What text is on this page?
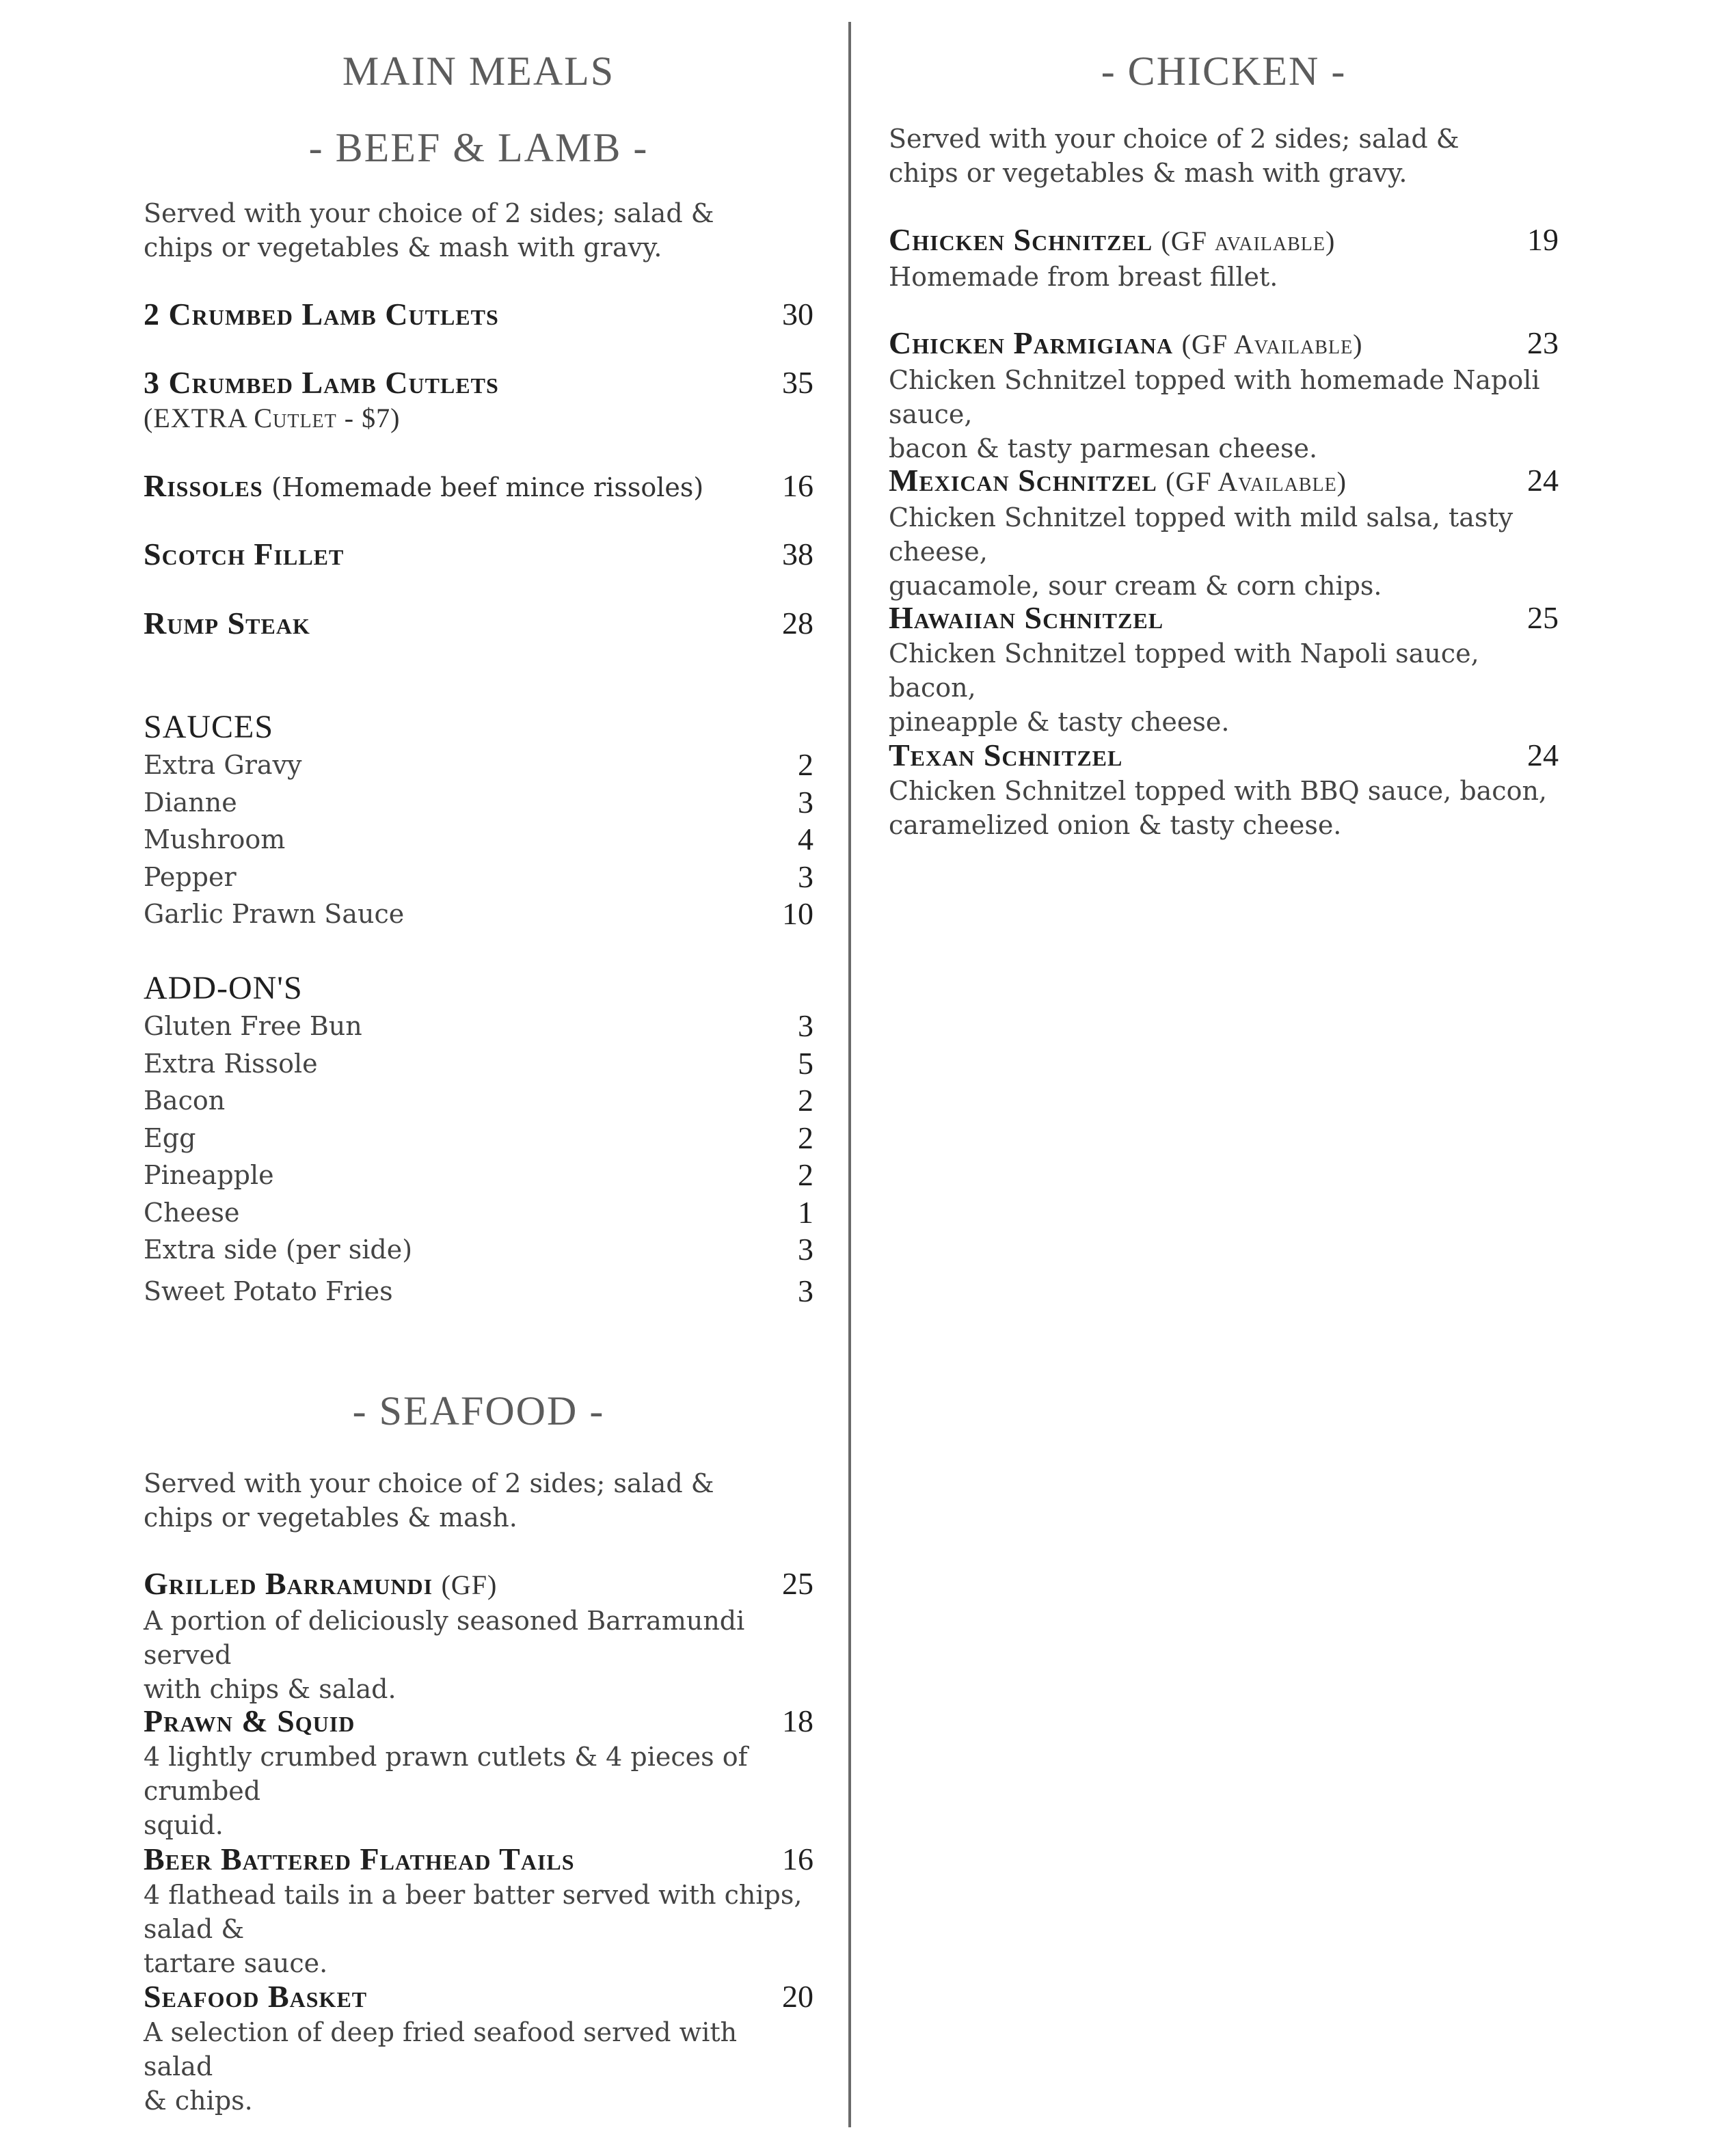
MAIN MEALS
- BEEF & LAMB -
Served with your choice of 2 sides; salad & chips or vegetables & mash with gravy.
2 Crumbed Lamb Cutlets	30
3 Crumbed Lamb Cutlets	35
(EXTRA Cutlet - $7)
Rissoles (Homemade beef mince rissoles)	16
Scotch Fillet	38
Rump Steak	28
SAUCES
Extra Gravy	2
Dianne	3
Mushroom	4
Pepper	3
Garlic Prawn Sauce	10
ADD-ON'S
Gluten Free Bun	3
Extra Rissole	5
Bacon	2
Egg	2
Pineapple	2
Cheese	1
Extra side (per side)	3
Sweet Potato Fries	3
- SEAFOOD -
Served with your choice of 2 sides; salad & chips or vegetables & mash.
Grilled Barramundi (GF)	25
A portion of deliciously seasoned Barramundi served
with chips & salad.
Prawn & Squid	18
4 lightly crumbed prawn cutlets & 4 pieces of crumbed
squid.
Beer Battered Flathead Tails	16
4 flathead tails in a beer batter served with chips, salad &
tartare sauce.
Seafood Basket	20
A selection of deep fried seafood served with salad
& chips.
- CHICKEN -
Served with your choice of 2 sides; salad & chips or vegetables & mash with gravy.
Chicken Schnitzel (GF available)	19
Homemade from breast fillet.
Chicken Parmigiana (GF Available)	23
Chicken Schnitzel topped with homemade Napoli sauce,
bacon & tasty parmesan cheese.
Mexican Schnitzel (GF Available)	24
Chicken Schnitzel topped with mild salsa, tasty cheese,
guacamole, sour cream & corn chips.
Hawaiian Schnitzel	25
Chicken Schnitzel topped with Napoli sauce, bacon,
pineapple & tasty cheese.
Texan Schnitzel	24
Chicken Schnitzel topped with BBQ sauce, bacon,
caramelized onion & tasty cheese.
